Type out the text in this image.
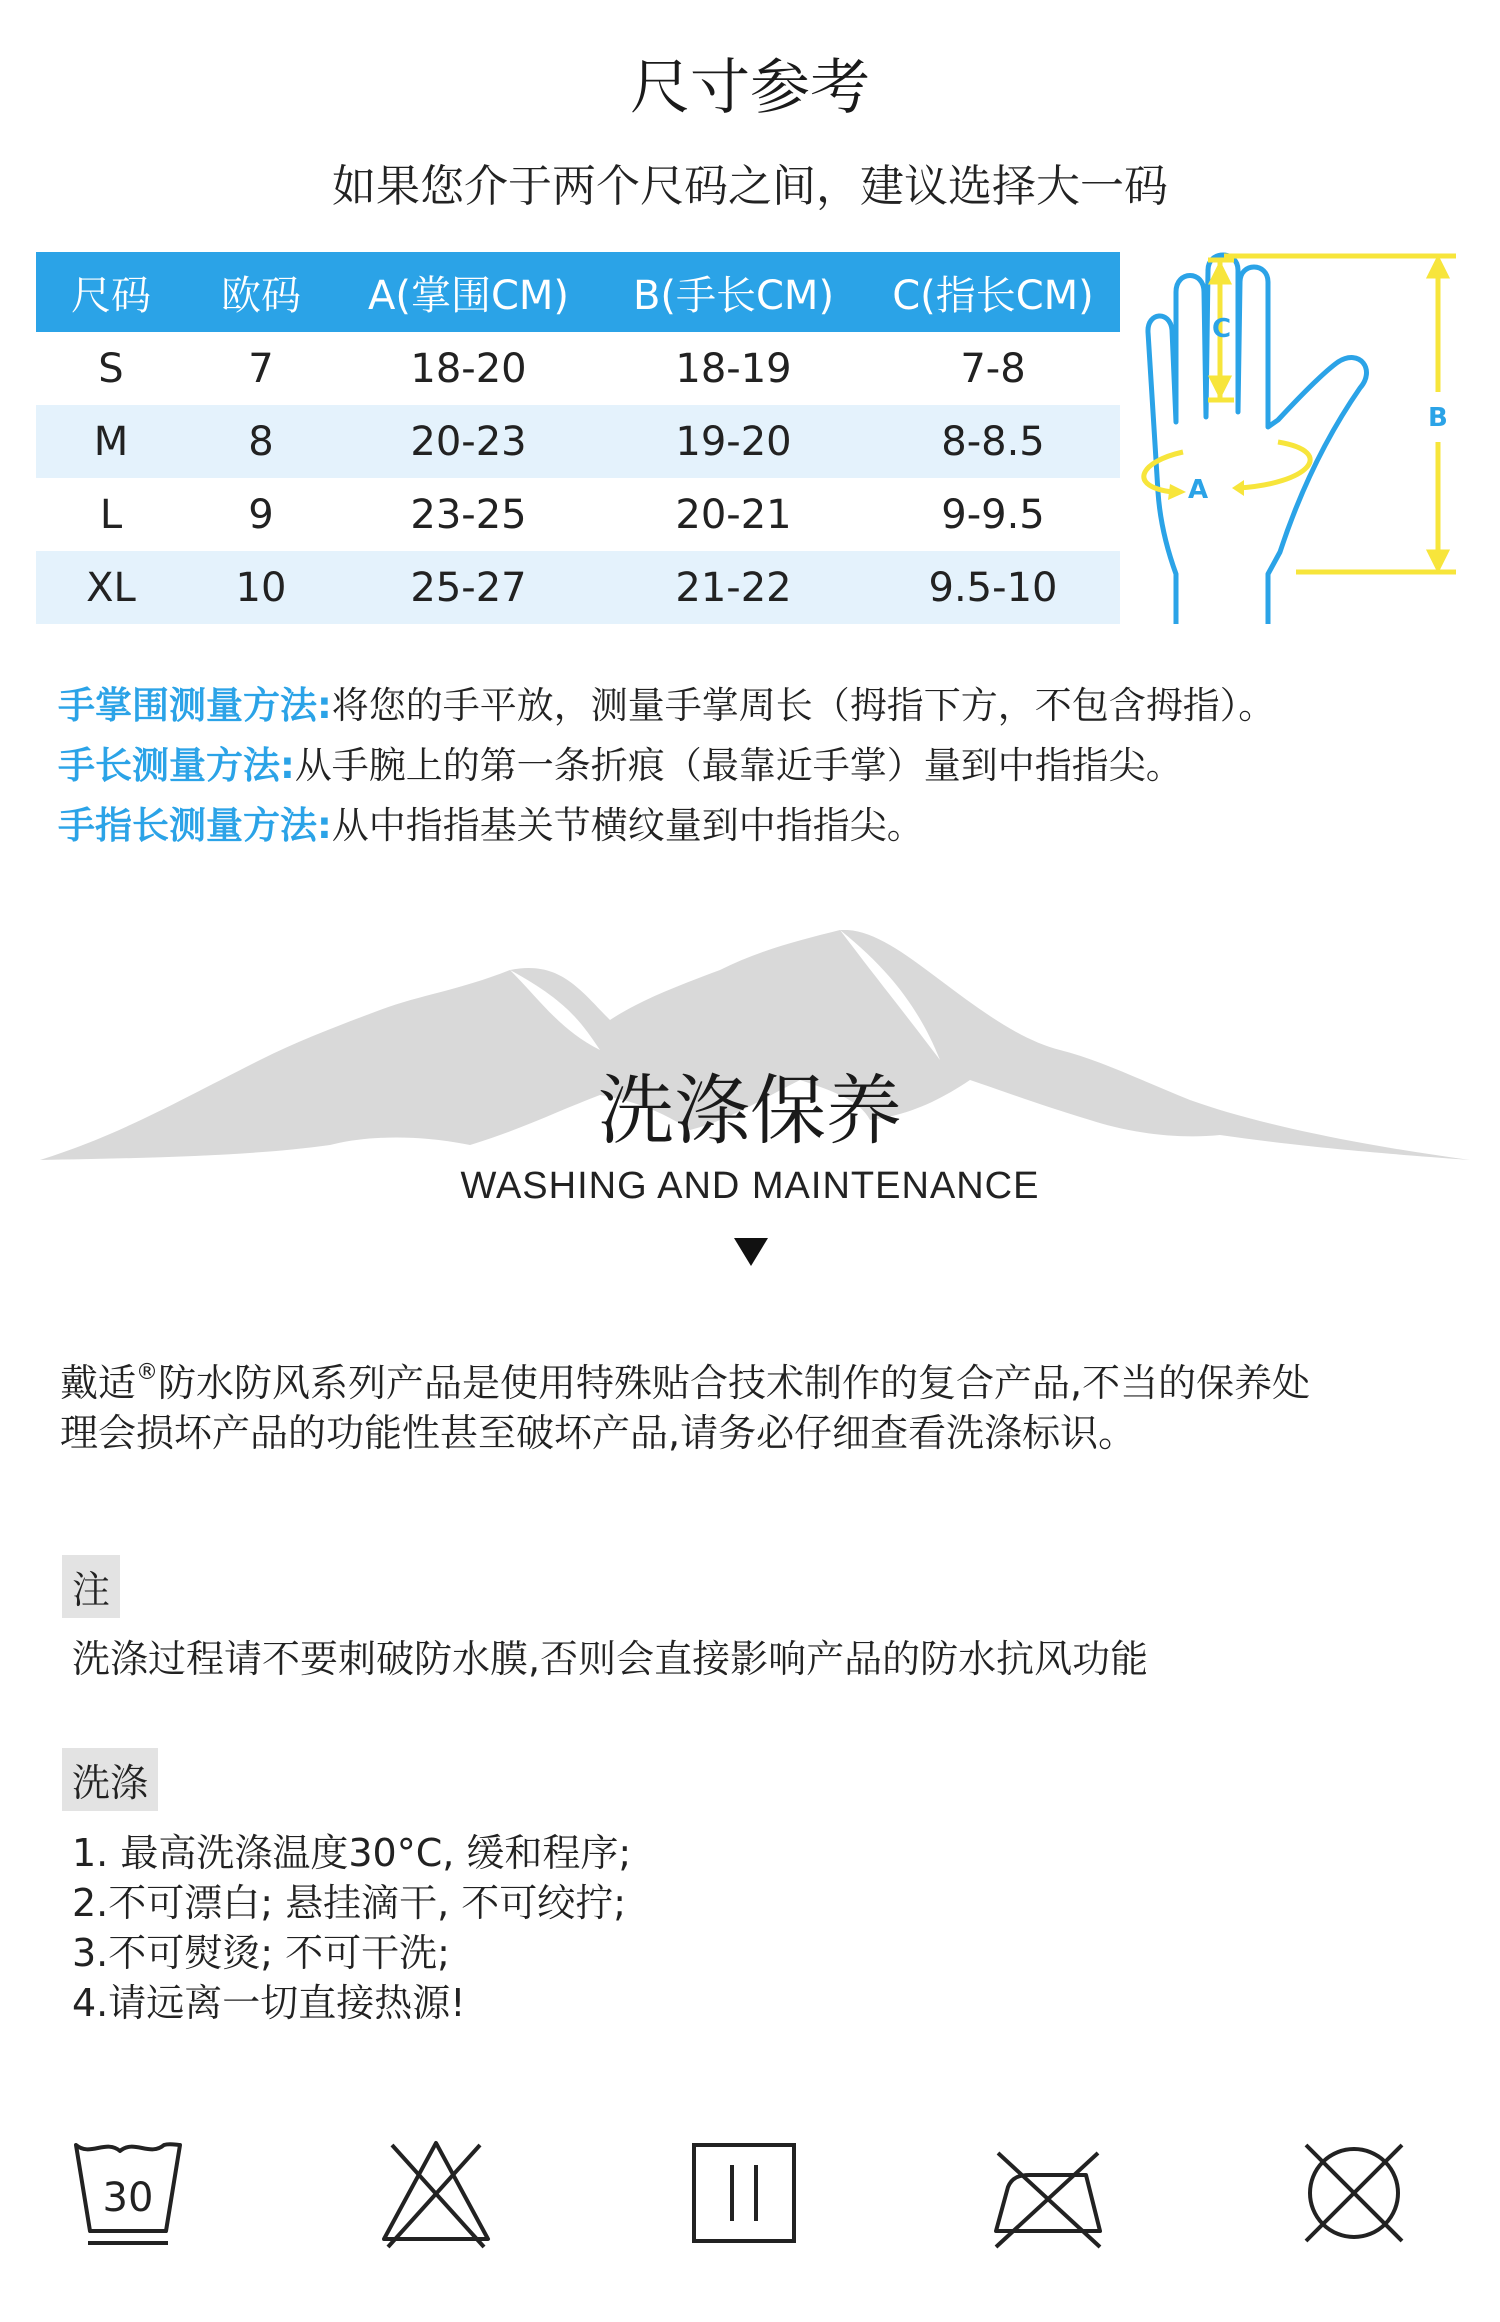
尺寸参考
如果您介于两个尺码之间，建议选择大一码
尺码	欧码	A(掌围CM)	B(手长CM)	C(指长CM)
S	7	18-20	18-19	7-8
M	8	20-23	19-20	8-8.5
L	9	23-25	20-21	9-9.5
XL	10	25-27	21-22	9.5-10
C
B
A
手掌围测量方法:将您的手平放，测量手掌周长（拇指下方，不包含拇指）。
手长测量方法:从手腕上的第一条折痕（最靠近手掌）量到中指指尖。
手指长测量方法:从中指指基关节横纹量到中指指尖。
洗涤保养
WASHING AND MAINTENANCE
戴适®防水防风系列产品是使用特殊贴合技术制作的复合产品,不当的保养处
理会损坏产品的功能性甚至破坏产品,请务必仔细查看洗涤标识。
注
洗涤过程请不要刺破防水膜,否则会直接影响产品的防水抗风功能
洗涤
1. 最高洗涤温度30°C, 缓和程序;
2.不可漂白; 悬挂滴干, 不可绞拧;
3.不可熨烫; 不可干洗;
4.请远离一切直接热源!
30
